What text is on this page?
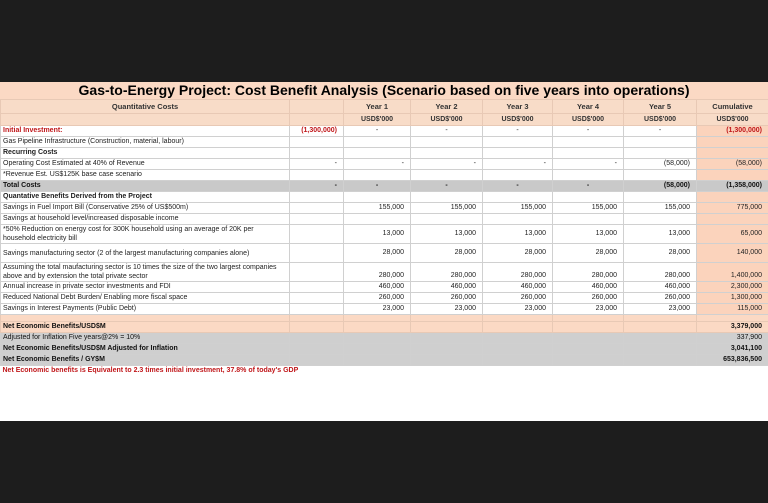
Gas-to-Energy Project: Cost Benefit Analysis (Scenario based on five years into operations)
Quantitative Costs		Year 1	Year 2	Year 3	Year 4	Year 5	Cumulative
		USD$'000	USD$'000	USD$'000	USD$'000	USD$'000	USD$'000
Initial Investment:	(1,300,000)	-	-	-	-	-	(1,300,000)
Gas Pipeline Infrastructure (Construction, material, labour)							
Recurring Costs							
Operating Cost Estimated at 40% of Revenue	-	-	-	-	-	(58,000)	(58,000)
*Revenue Est. US$125K base case scenario							
Total Costs	-	-	-	-	-	(58,000)	(1,358,000)
Quantative Benefits Derived from the Project							
Savings in Fuel Import Bill (Conservative 25% of US$500m)		155,000	155,000	155,000	155,000	155,000	775,000
Savings at household level/increased disposable income							
*50% Reduction on energy cost for 300K household using an average of 20K per household electricity bill		13,000	13,000	13,000	13,000	13,000	65,000
Savings manufacturing sector (2 of the largest manufacturing companies alone)		28,000	28,000	28,000	28,000	28,000	140,000
Assuming the total maufacturing sector is 10 times the size of the two largest companies above and by extension the total private sector		280,000	280,000	280,000	280,000	280,000	1,400,000
Annual increase in private sector investments and FDI		460,000	460,000	460,000	460,000	460,000	2,300,000
Reduced National Debt Burden/ Enabling more fiscal space		260,000	260,000	260,000	260,000	260,000	1,300,000
Savings in Interest Payments (Public Debt)		23,000	23,000	23,000	23,000	23,000	115,000

Net Economic Benefits/USD$M							3,379,000
Adjusted for Inflation Five years@2% = 10%							337,900
Net Economic Benefits/USD$M Adjusted for Inflation							3,041,100
Net Economic Benefits / GY$M							653,836,500
Net Economic benefits is Equivalent to 2.3 times initial investment, 37.8% of today's GDP							
